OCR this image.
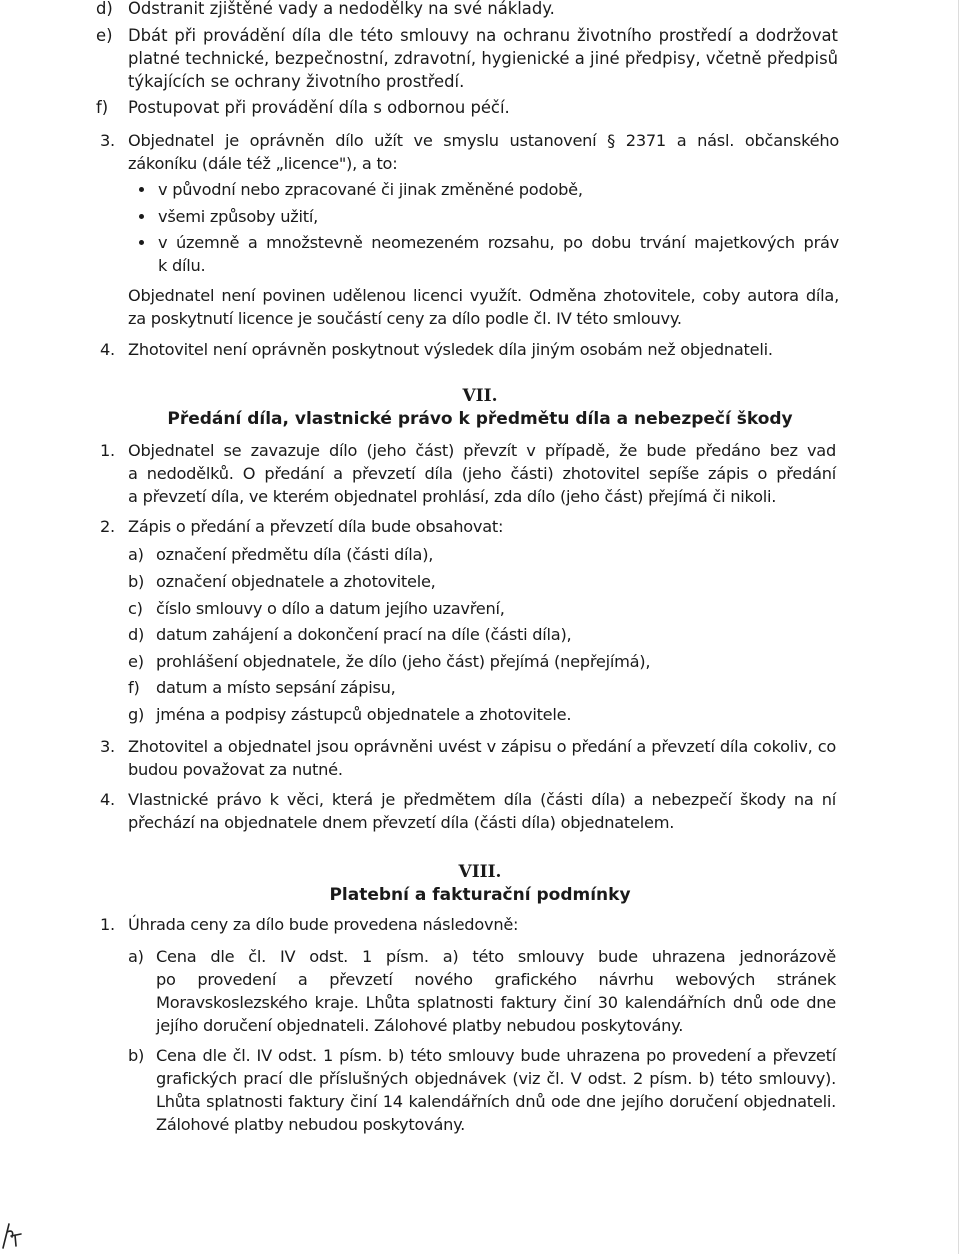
d) Odstranit zjištěné vady a nedodělky na své náklady.
e) Dbát při provádění díla dle této smlouvy na ochranu životního prostředí a dodržovat
platné technické, bezpečnostní, zdravotní, hygienické a jiné předpisy, včetně předpisů
týkajících se ochrany životního prostředí.
f) Postupovat při provádění díla s odbornou péčí.
3. Objednatel je oprávněn dílo užít ve smyslu ustanovení § 2371 a násl. občanského
zákoníku (dále též „licence"), a to:
v původní nebo zpracované či jinak změněné podobě,
všemi způsoby užití,
v územně a množstevně neomezeném rozsahu, po dobu trvání majetkových práv
k dílu.
Objednatel není povinen udělenou licenci využít. Odměna zhotovitele, coby autora díla,
za poskytnutí licence je součástí ceny za dílo podle čl. IV této smlouvy.
4. Zhotovitel není oprávněn poskytnout výsledek díla jiným osobám než objednateli.
VII.
Předání díla, vlastnické právo k předmětu díla a nebezpečí škody
1. Objednatel se zavazuje dílo (jeho část) převzít v případě, že bude předáno bez vad
a nedodělků. O předání a převzetí díla (jeho části) zhotovitel sepíše zápis o předání
a převzetí díla, ve kterém objednatel prohlásí, zda dílo (jeho část) přejímá či nikoli.
2. Zápis o předání a převzetí díla bude obsahovat:
a) označení předmětu díla (části díla),
b) označení objednatele a zhotovitele,
c) číslo smlouvy o dílo a datum jejího uzavření,
d) datum zahájení a dokončení prací na díle (části díla),
e) prohlášení objednatele, že dílo (jeho část) přejímá (nepřejímá),
f) datum a místo sepsání zápisu,
g) jména a podpisy zástupců objednatele a zhotovitele.
3. Zhotovitel a objednatel jsou oprávněni uvést v zápisu o předání a převzetí díla cokoliv, co
budou považovat za nutné.
4. Vlastnické právo k věci, která je předmětem díla (části díla) a nebezpečí škody na ní
přechází na objednatele dnem převzetí díla (části díla) objednatelem.
VIII.
Platební a fakturační podmínky
1. Úhrada ceny za dílo bude provedena následovně:
a) Cena dle čl. IV odst. 1 písm. a) této smlouvy bude uhrazena jednorázově
po provedení a převzetí nového grafického návrhu webových stránek
Moravskoslezského kraje. Lhůta splatnosti faktury činí 30 kalendářních dnů ode dne
jejího doručení objednateli. Zálohové platby nebudou poskytovány.
b) Cena dle čl. IV odst. 1 písm. b) této smlouvy bude uhrazena po provedení a převzetí
grafických prací dle příslušných objednávek (viz čl. V odst. 2 písm. b) této smlouvy).
Lhůta splatnosti faktury činí 14 kalendářních dnů ode dne jejího doručení objednateli.
Zálohové platby nebudou poskytovány.
